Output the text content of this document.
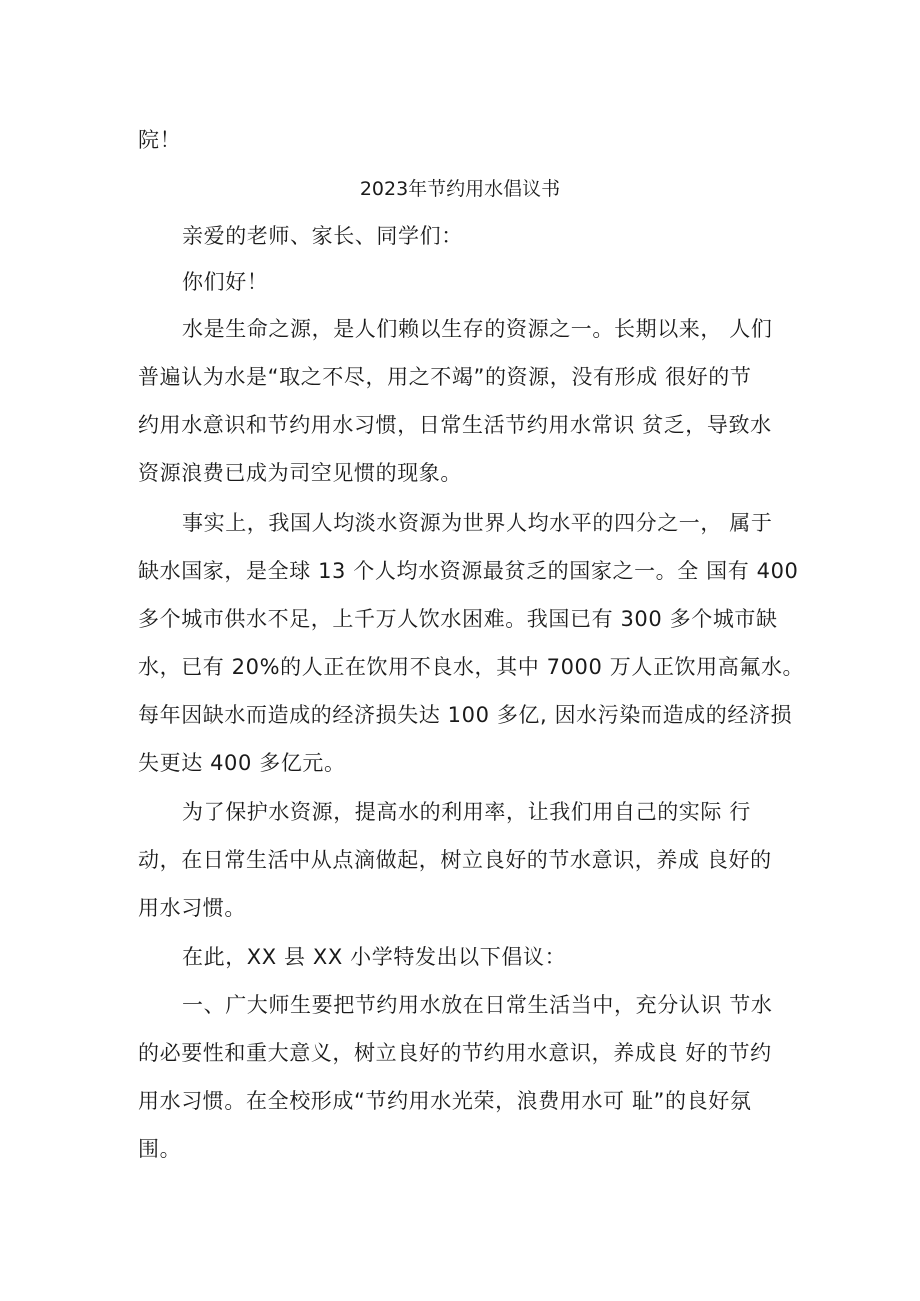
院！
2023年节约用水倡议书
亲爱的老师、家长、同学们：
你们好！
水是生命之源，是人们赖以生存的资源之一。长期以来， 人们
普遍认为水是“取之不尽，用之不竭”的资源，没有形成 很好的节
约用水意识和节约用水习惯，日常生活节约用水常识 贫乏，导致水
资源浪费已成为司空见惯的现象。
事实上，我国人均淡水资源为世界人均水平的四分之一， 属于
缺水国家，是全球 13 个人均水资源最贫乏的国家之一。全 国有 400
多个城市供水不足，上千万人饮水困难。我国已有 300 多个城市缺
水，已有 20%的人正在饮用不良水，其中 7000 万人正饮用高氟水。
每年因缺水而造成的经济损失达 100 多亿, 因水污染而造成的经济损
失更达 400 多亿元。
为了保护水资源，提高水的利用率，让我们用自己的实际 行
动，在日常生活中从点滴做起，树立良好的节水意识，养成 良好的
用水习惯。
在此，XX 县 XX 小学特发出以下倡议：
一、广大师生要把节约用水放在日常生活当中，充分认识 节水
的必要性和重大意义，树立良好的节约用水意识，养成良 好的节约
用水习惯。在全校形成“节约用水光荣，浪费用水可 耻”的良好氛
围。
